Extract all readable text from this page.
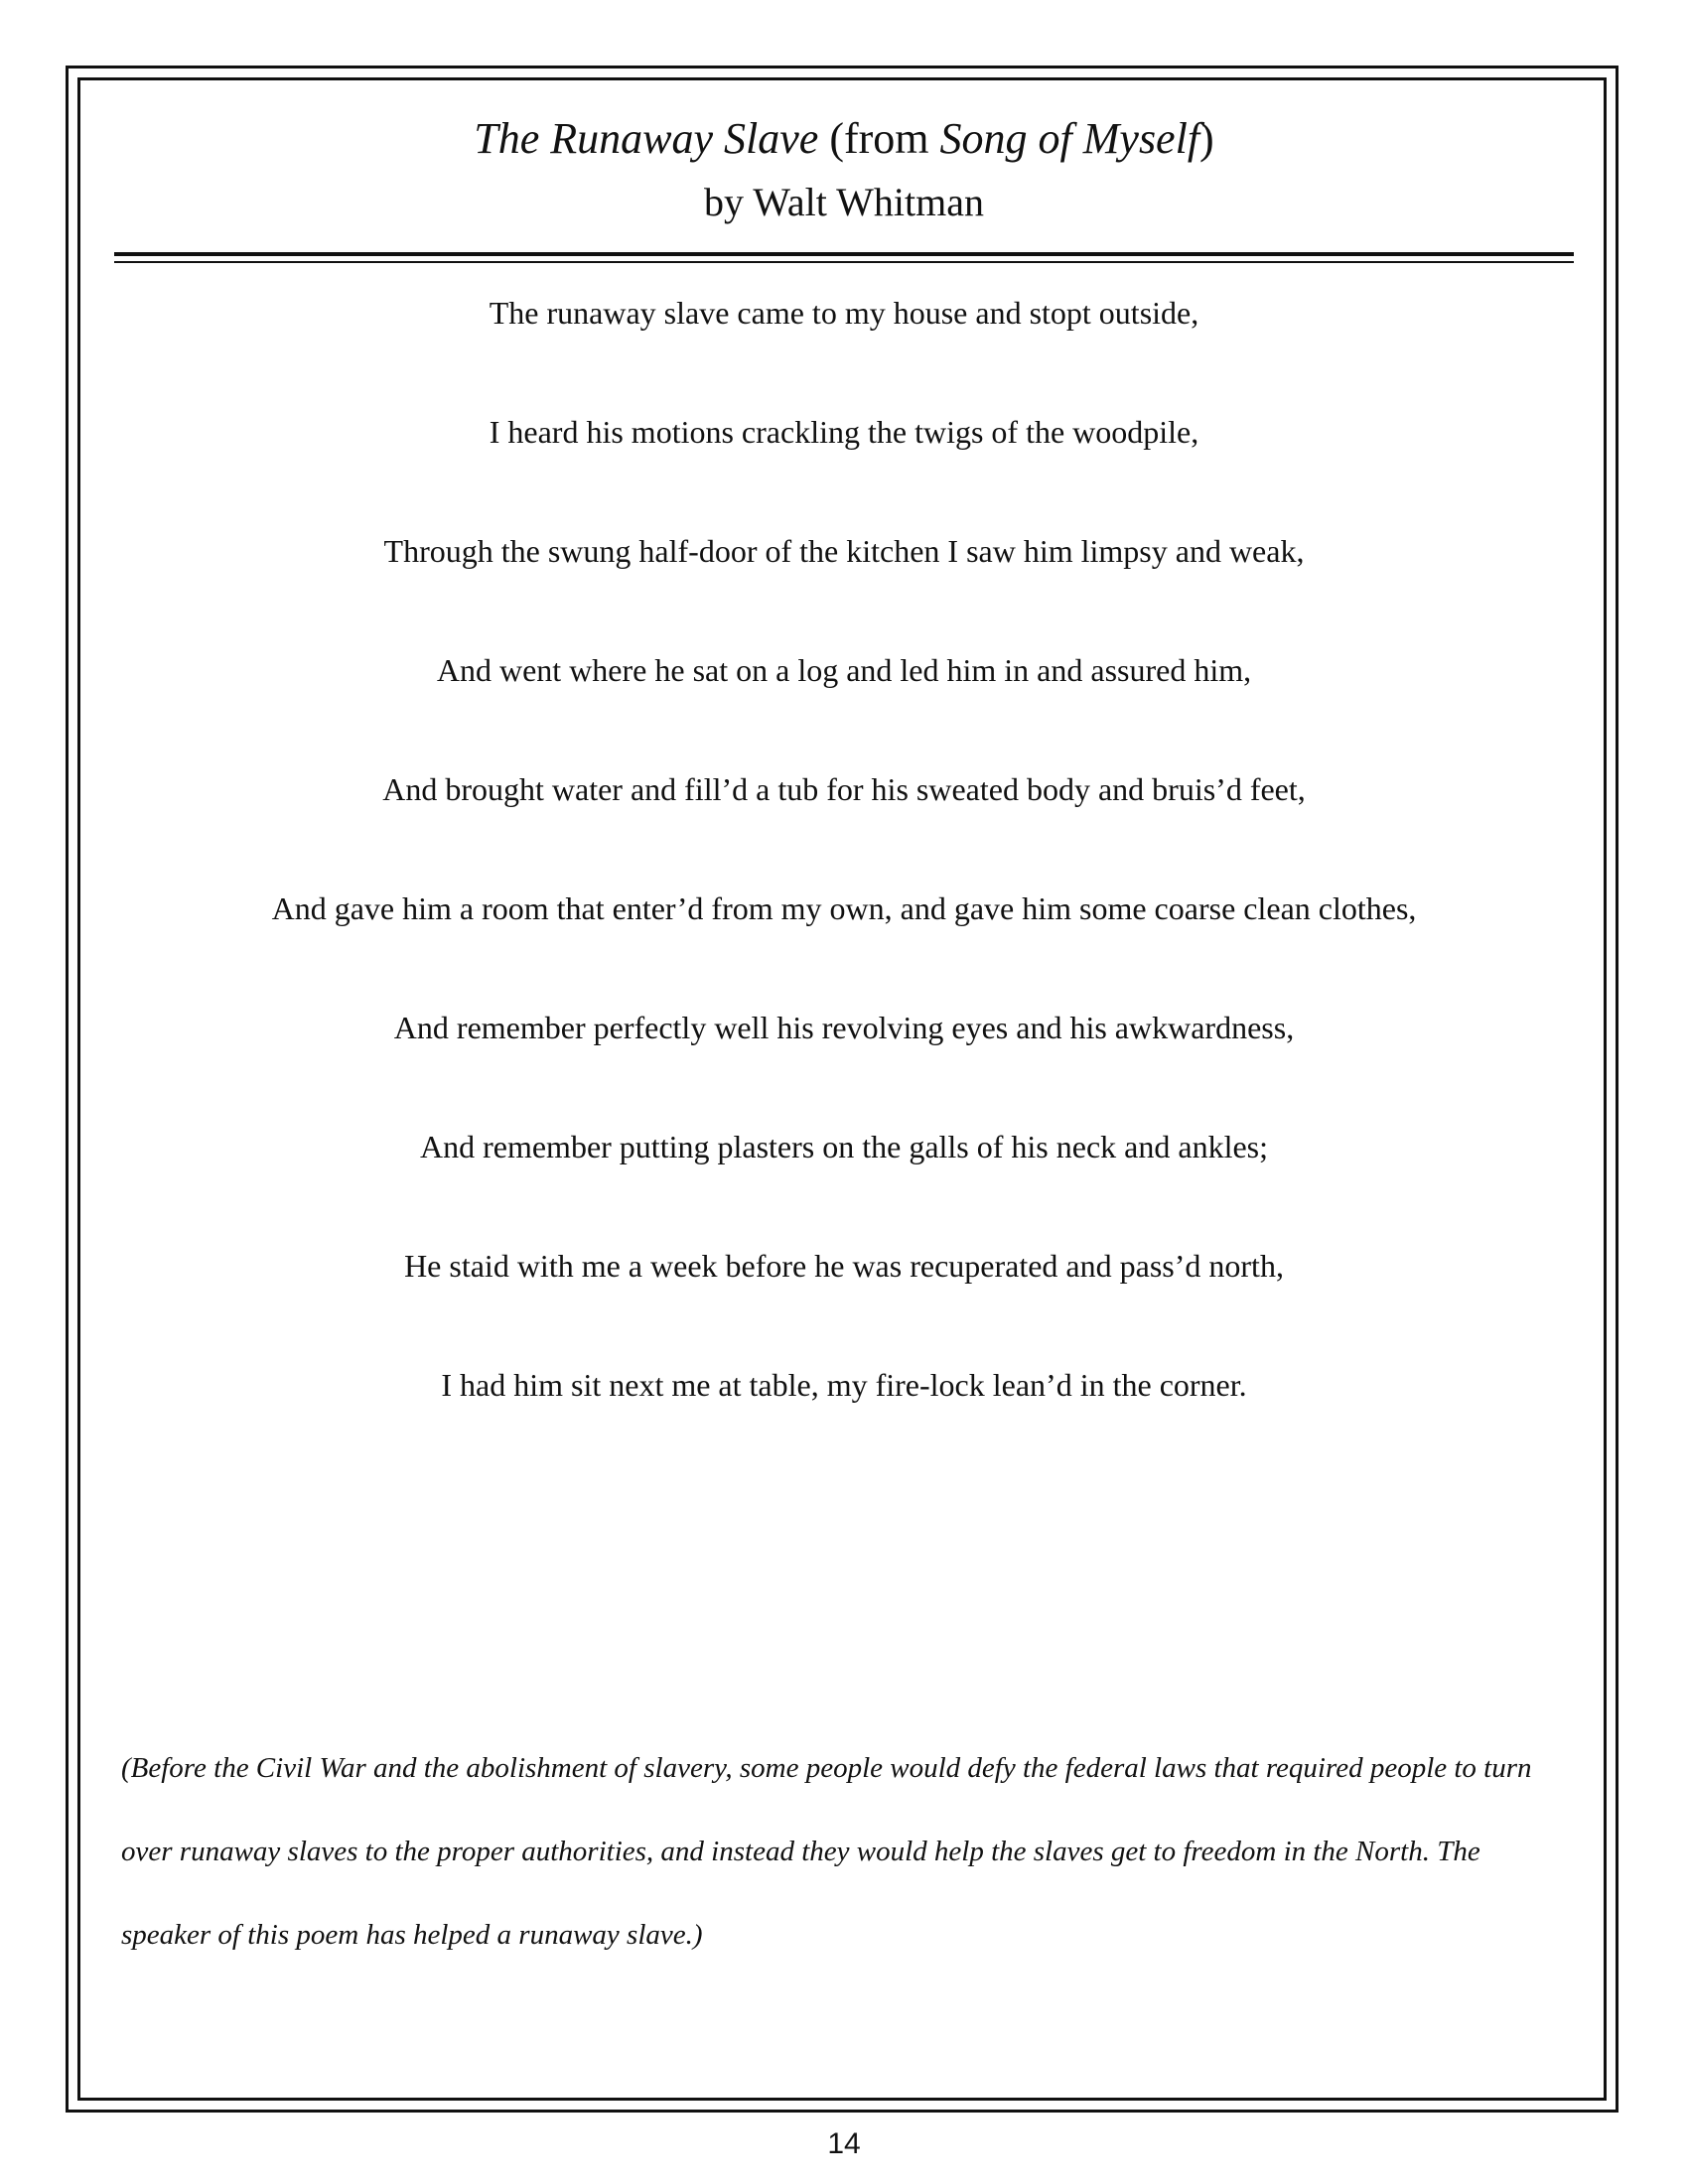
The Runaway Slave (from Song of Myself)
by Walt Whitman
The runaway slave came to my house and stopt outside,
I heard his motions crackling the twigs of the woodpile,
Through the swung half-door of the kitchen I saw him limpsy and weak,
And went where he sat on a log and led him in and assured him,
And brought water and fill’d a tub for his sweated body and bruis’d feet,
And gave him a room that enter’d from my own, and gave him some coarse clean clothes,
And remember perfectly well his revolving eyes and his awkwardness,
And remember putting plasters on the galls of his neck and ankles;
He staid with me a week before he was recuperated and pass’d north,
I had him sit next me at table, my fire-lock lean’d in the corner.

(Before the Civil War and the abolishment of slavery, some people would defy the federal laws that required people to turn over runaway slaves to the proper authorities, and instead they would help the slaves get to freedom in the North. The speaker of this poem has helped a runaway slave.)

14
